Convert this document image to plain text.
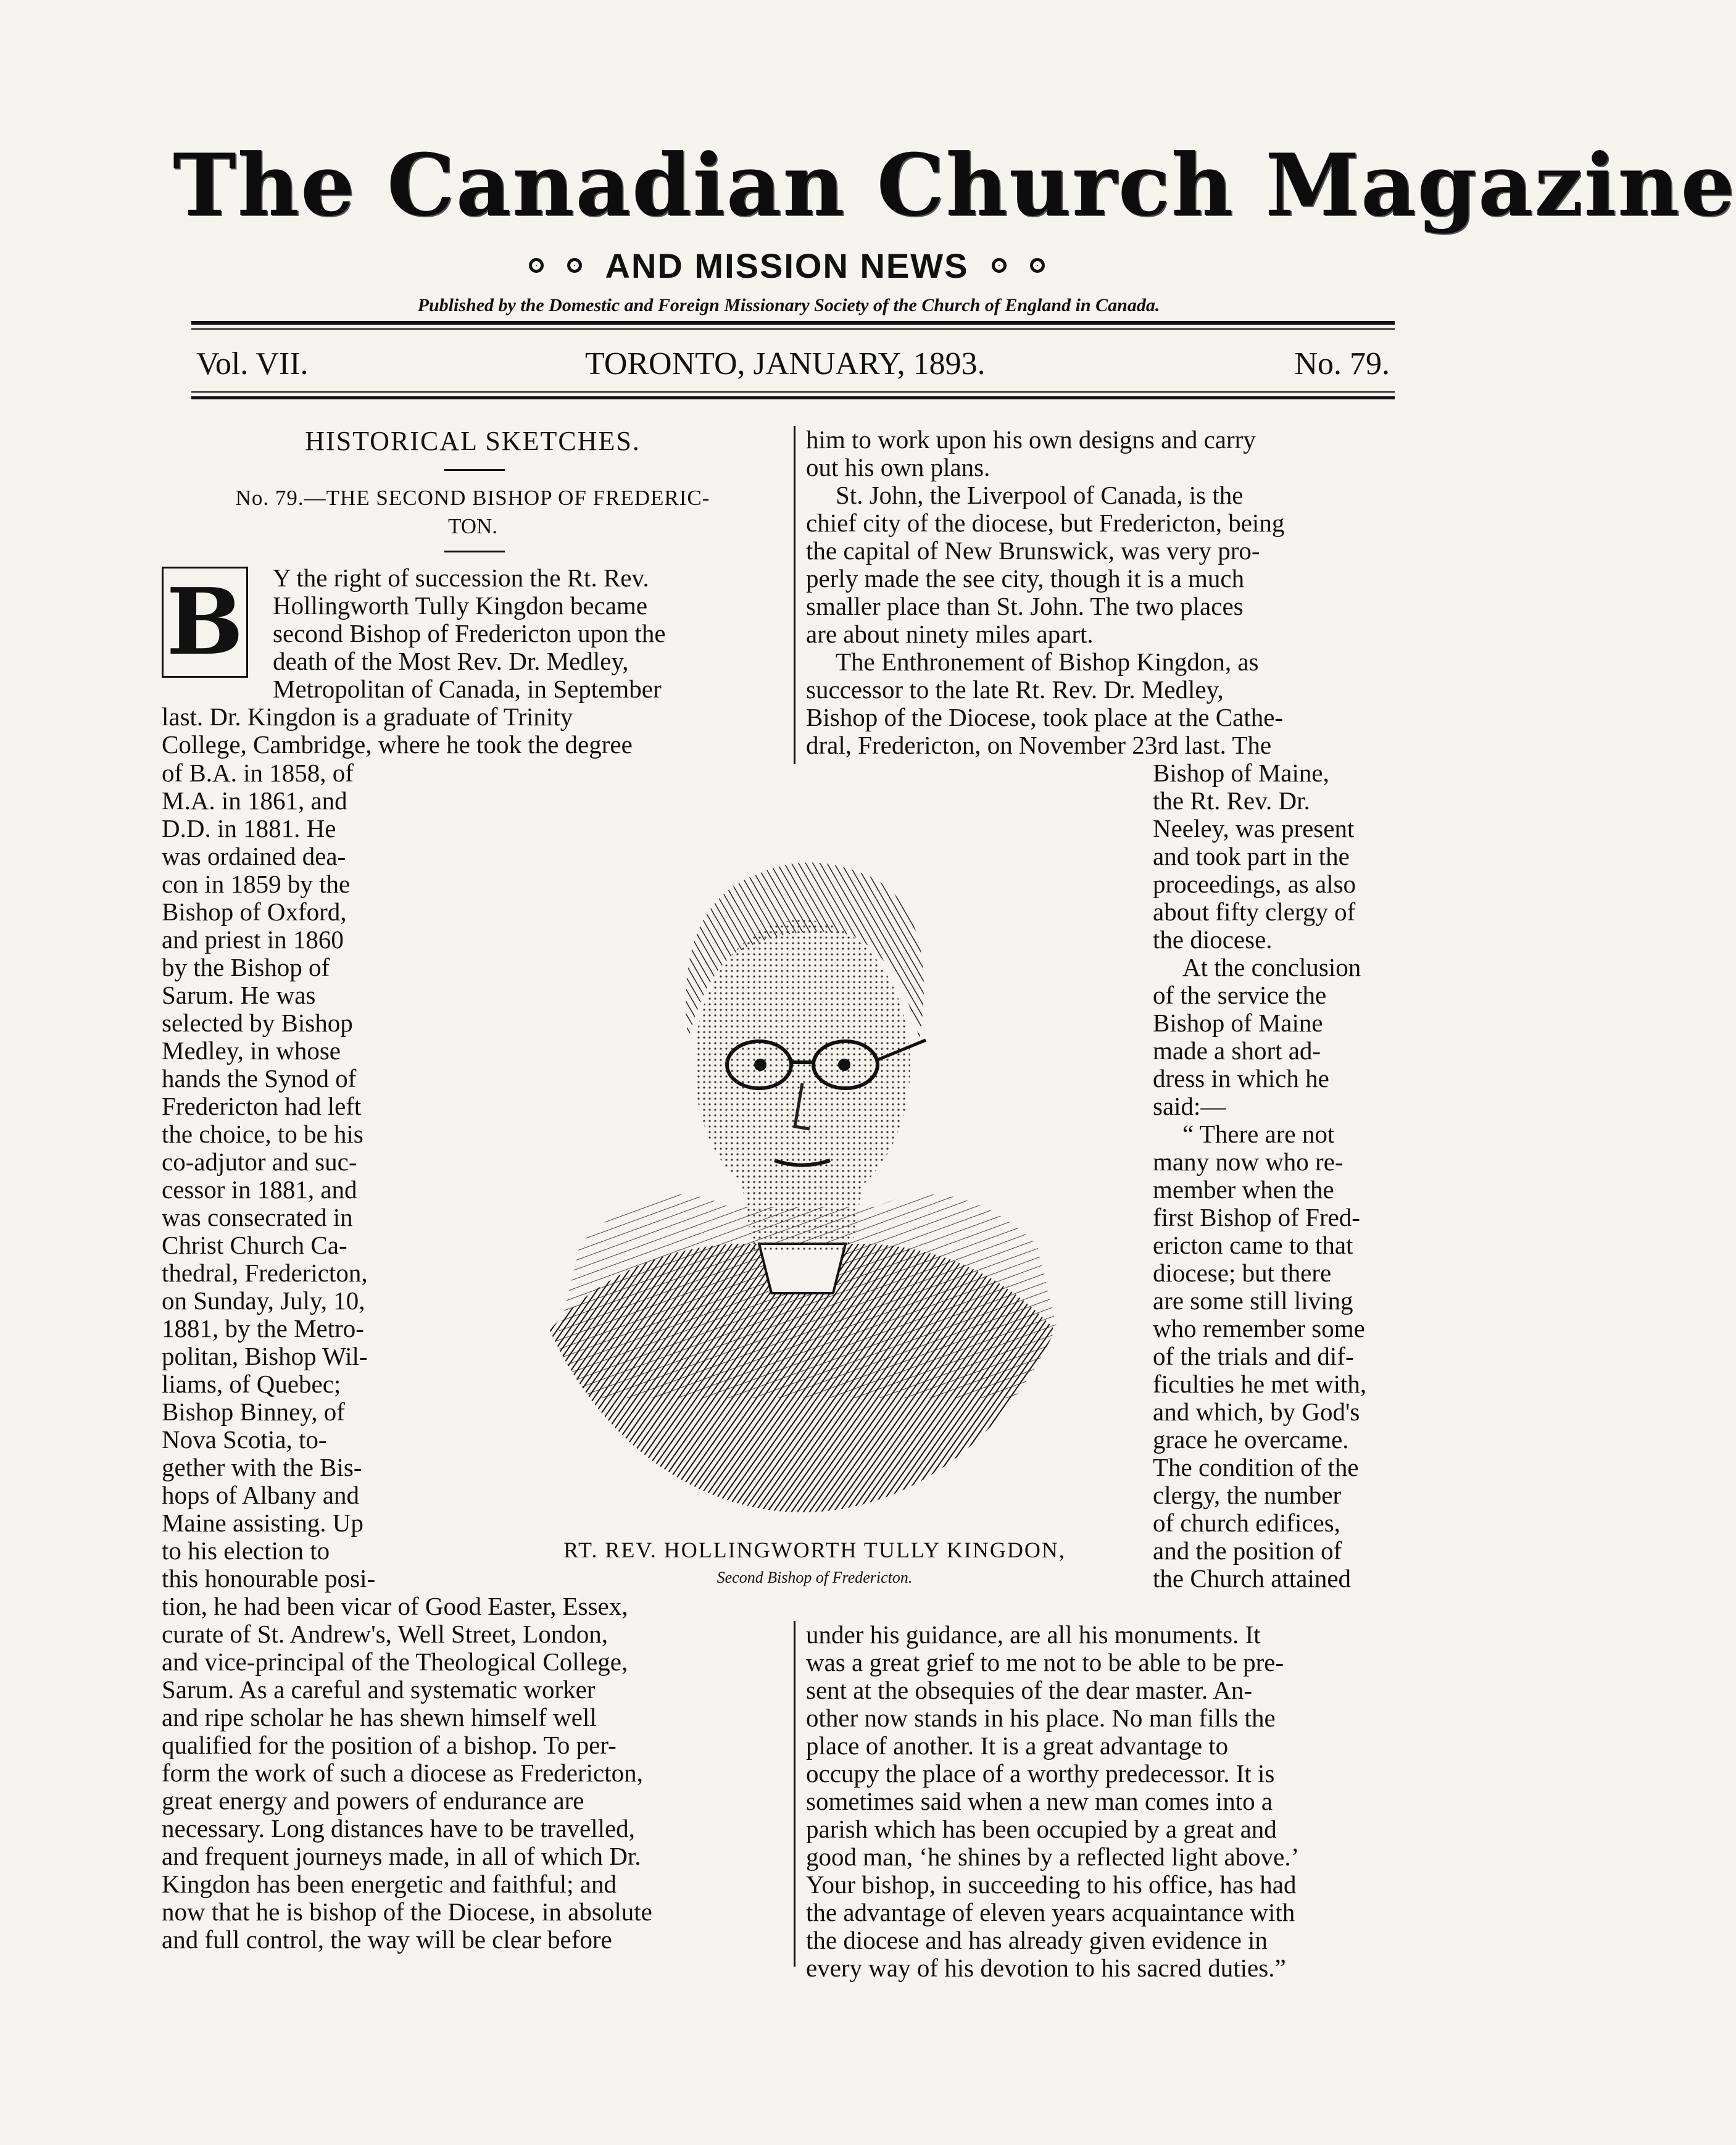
The Canadian Church Magazine
AND MISSION NEWS
Published by the Domestic and Foreign Missionary Society of the Church of England in Canada.
Vol. VII.	TORONTO, JANUARY, 1893.	No. 79.
HISTORICAL SKETCHES.
No. 79.—THE SECOND BISHOP OF FREDERIC-
TON.
B Y the right of succession the Rt. Rev.

Hollingworth Tully Kingdon became

second Bishop of Fredericton upon the

death of the Most Rev. Dr. Medley,

Metropolitan of Canada, in September

last. Dr. Kingdon is a graduate of Trinity

College, Cambridge, where he took the degree

him to work upon his own designs and carry

out his own plans.

St. John, the Liverpool of Canada, is the

chief city of the diocese, but Fredericton, being

the capital of New Brunswick, was very pro-

perly made the see city, though it is a much

smaller place than St. John. The two places

are about ninety miles apart.

The Enthronement of Bishop Kingdon, as

successor to the late Rt. Rev. Dr. Medley,

Bishop of the Diocese, took place at the Cathe-

dral, Fredericton, on November 23rd last. The

of B.A. in 1858, of

M.A. in 1861, and

D.D. in 1881. He

was ordained dea-

con in 1859 by the

Bishop of Oxford,

and priest in 1860

by the Bishop of

Sarum. He was

selected by Bishop

Medley, in whose

hands the Synod of

Fredericton had left

the choice, to be his

co-adjutor and suc-

cessor in 1881, and

was consecrated in

Christ Church Ca-

thedral, Fredericton,

on Sunday, July, 10,

1881, by the Metro-

politan, Bishop Wil-

liams, of Quebec;

Bishop Binney, of

Nova Scotia, to-

gether with the Bis-

hops of Albany and

Maine assisting. Up

to his election to

this honourable posi-

Bishop of Maine,

the Rt. Rev. Dr.

Neeley, was present

and took part in the

proceedings, as also

about fifty clergy of

the diocese.

At the conclusion

of the service the

Bishop of Maine

made a short ad-

dress in which he

said:—

“ There are not

many now who re-

member when the

first Bishop of Fred-

ericton came to that

diocese; but there

are some still living

who remember some

of the trials and dif-

ficulties he met with,

and which, by God's

grace he overcame.

The condition of the

clergy, the number

of church edifices,

and the position of

the Church attained

RT. REV. HOLLINGWORTH TULLY KINGDON,
Second Bishop of Fredericton.

tion, he had been vicar of Good Easter, Essex,

curate of St. Andrew's, Well Street, London,

and vice-principal of the Theological College,

Sarum. As a careful and systematic worker

and ripe scholar he has shewn himself well

qualified for the position of a bishop. To per-

form the work of such a diocese as Fredericton,

great energy and powers of endurance are

necessary. Long distances have to be travelled,

and frequent journeys made, in all of which Dr.

Kingdon has been energetic and faithful; and

now that he is bishop of the Diocese, in absolute

and full control, the way will be clear before

under his guidance, are all his monuments. It

was a great grief to me not to be able to be pre-

sent at the obsequies of the dear master. An-

other now stands in his place. No man fills the

place of another. It is a great advantage to

occupy the place of a worthy predecessor. It is

sometimes said when a new man comes into a

parish which has been occupied by a great and

good man, ‘he shines by a reflected light above.’

Your bishop, in succeeding to his office, has had

the advantage of eleven years acquaintance with

the diocese and has already given evidence in

every way of his devotion to his sacred duties.”
